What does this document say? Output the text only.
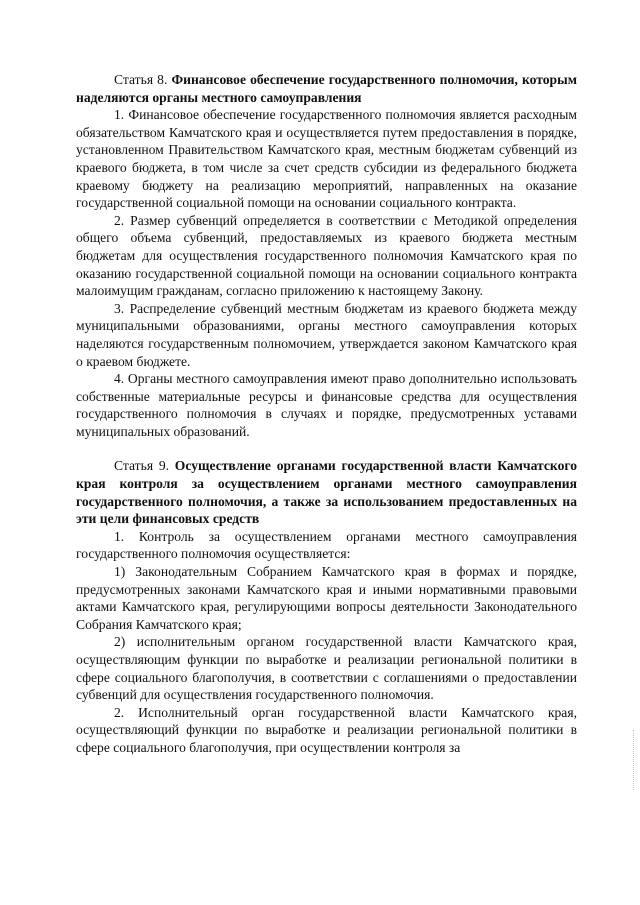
Статья 8. Финансовое обеспечение государственного полномочия, которым наделяются органы местного самоуправления

1. Финансовое обеспечение государственного полномочия является расходным обязательством Камчатского края и осуществляется путем предоставления в порядке, установленном Правительством Камчатского края, местным бюджетам субвенций из краевого бюджета, в том числе за счет средств субсидии из федерального бюджета краевому бюджету на реализацию мероприятий, направленных на оказание государственной социальной помощи на основании социального контракта.

2. Размер субвенций определяется в соответствии с Методикой определения общего объема субвенций, предоставляемых из краевого бюджета местным бюджетам для осуществления государственного полномочия Камчатского края по оказанию государственной социальной помощи на основании социального контракта малоимущим гражданам, согласно приложению к настоящему Закону.

3. Распределение субвенций местным бюджетам из краевого бюджета между муниципальными образованиями, органы местного самоуправления которых наделяются государственным полномочием, утверждается законом Камчатского края о краевом бюджете.

4. Органы местного самоуправления имеют право дополнительно использовать собственные материальные ресурсы и финансовые средства для осуществления государственного полномочия в случаях и порядке, предусмотренных уставами муниципальных образований.

Статья 9. Осуществление органами государственной власти Камчатского края контроля за осуществлением органами местного самоуправления государственного полномочия, а также за использованием предоставленных на эти цели финансовых средств

1. Контроль за осуществлением органами местного самоуправления государственного полномочия осуществляется:

1) Законодательным Собранием Камчатского края в формах и порядке, предусмотренных законами Камчатского края и иными нормативными правовыми актами Камчатского края, регулирующими вопросы деятельности Законодательного Собрания Камчатского края;

2) исполнительным органом государственной власти Камчатского края, осуществляющим функции по выработке и реализации региональной политики в сфере социального благополучия, в соответствии с соглашениями о предоставлении субвенций для осуществления государственного полномочия.

2. Исполнительный орган государственной власти Камчатского края, осуществляющий функции по выработке и реализации региональной политики в сфере социального благополучия, при осуществлении контроля за
